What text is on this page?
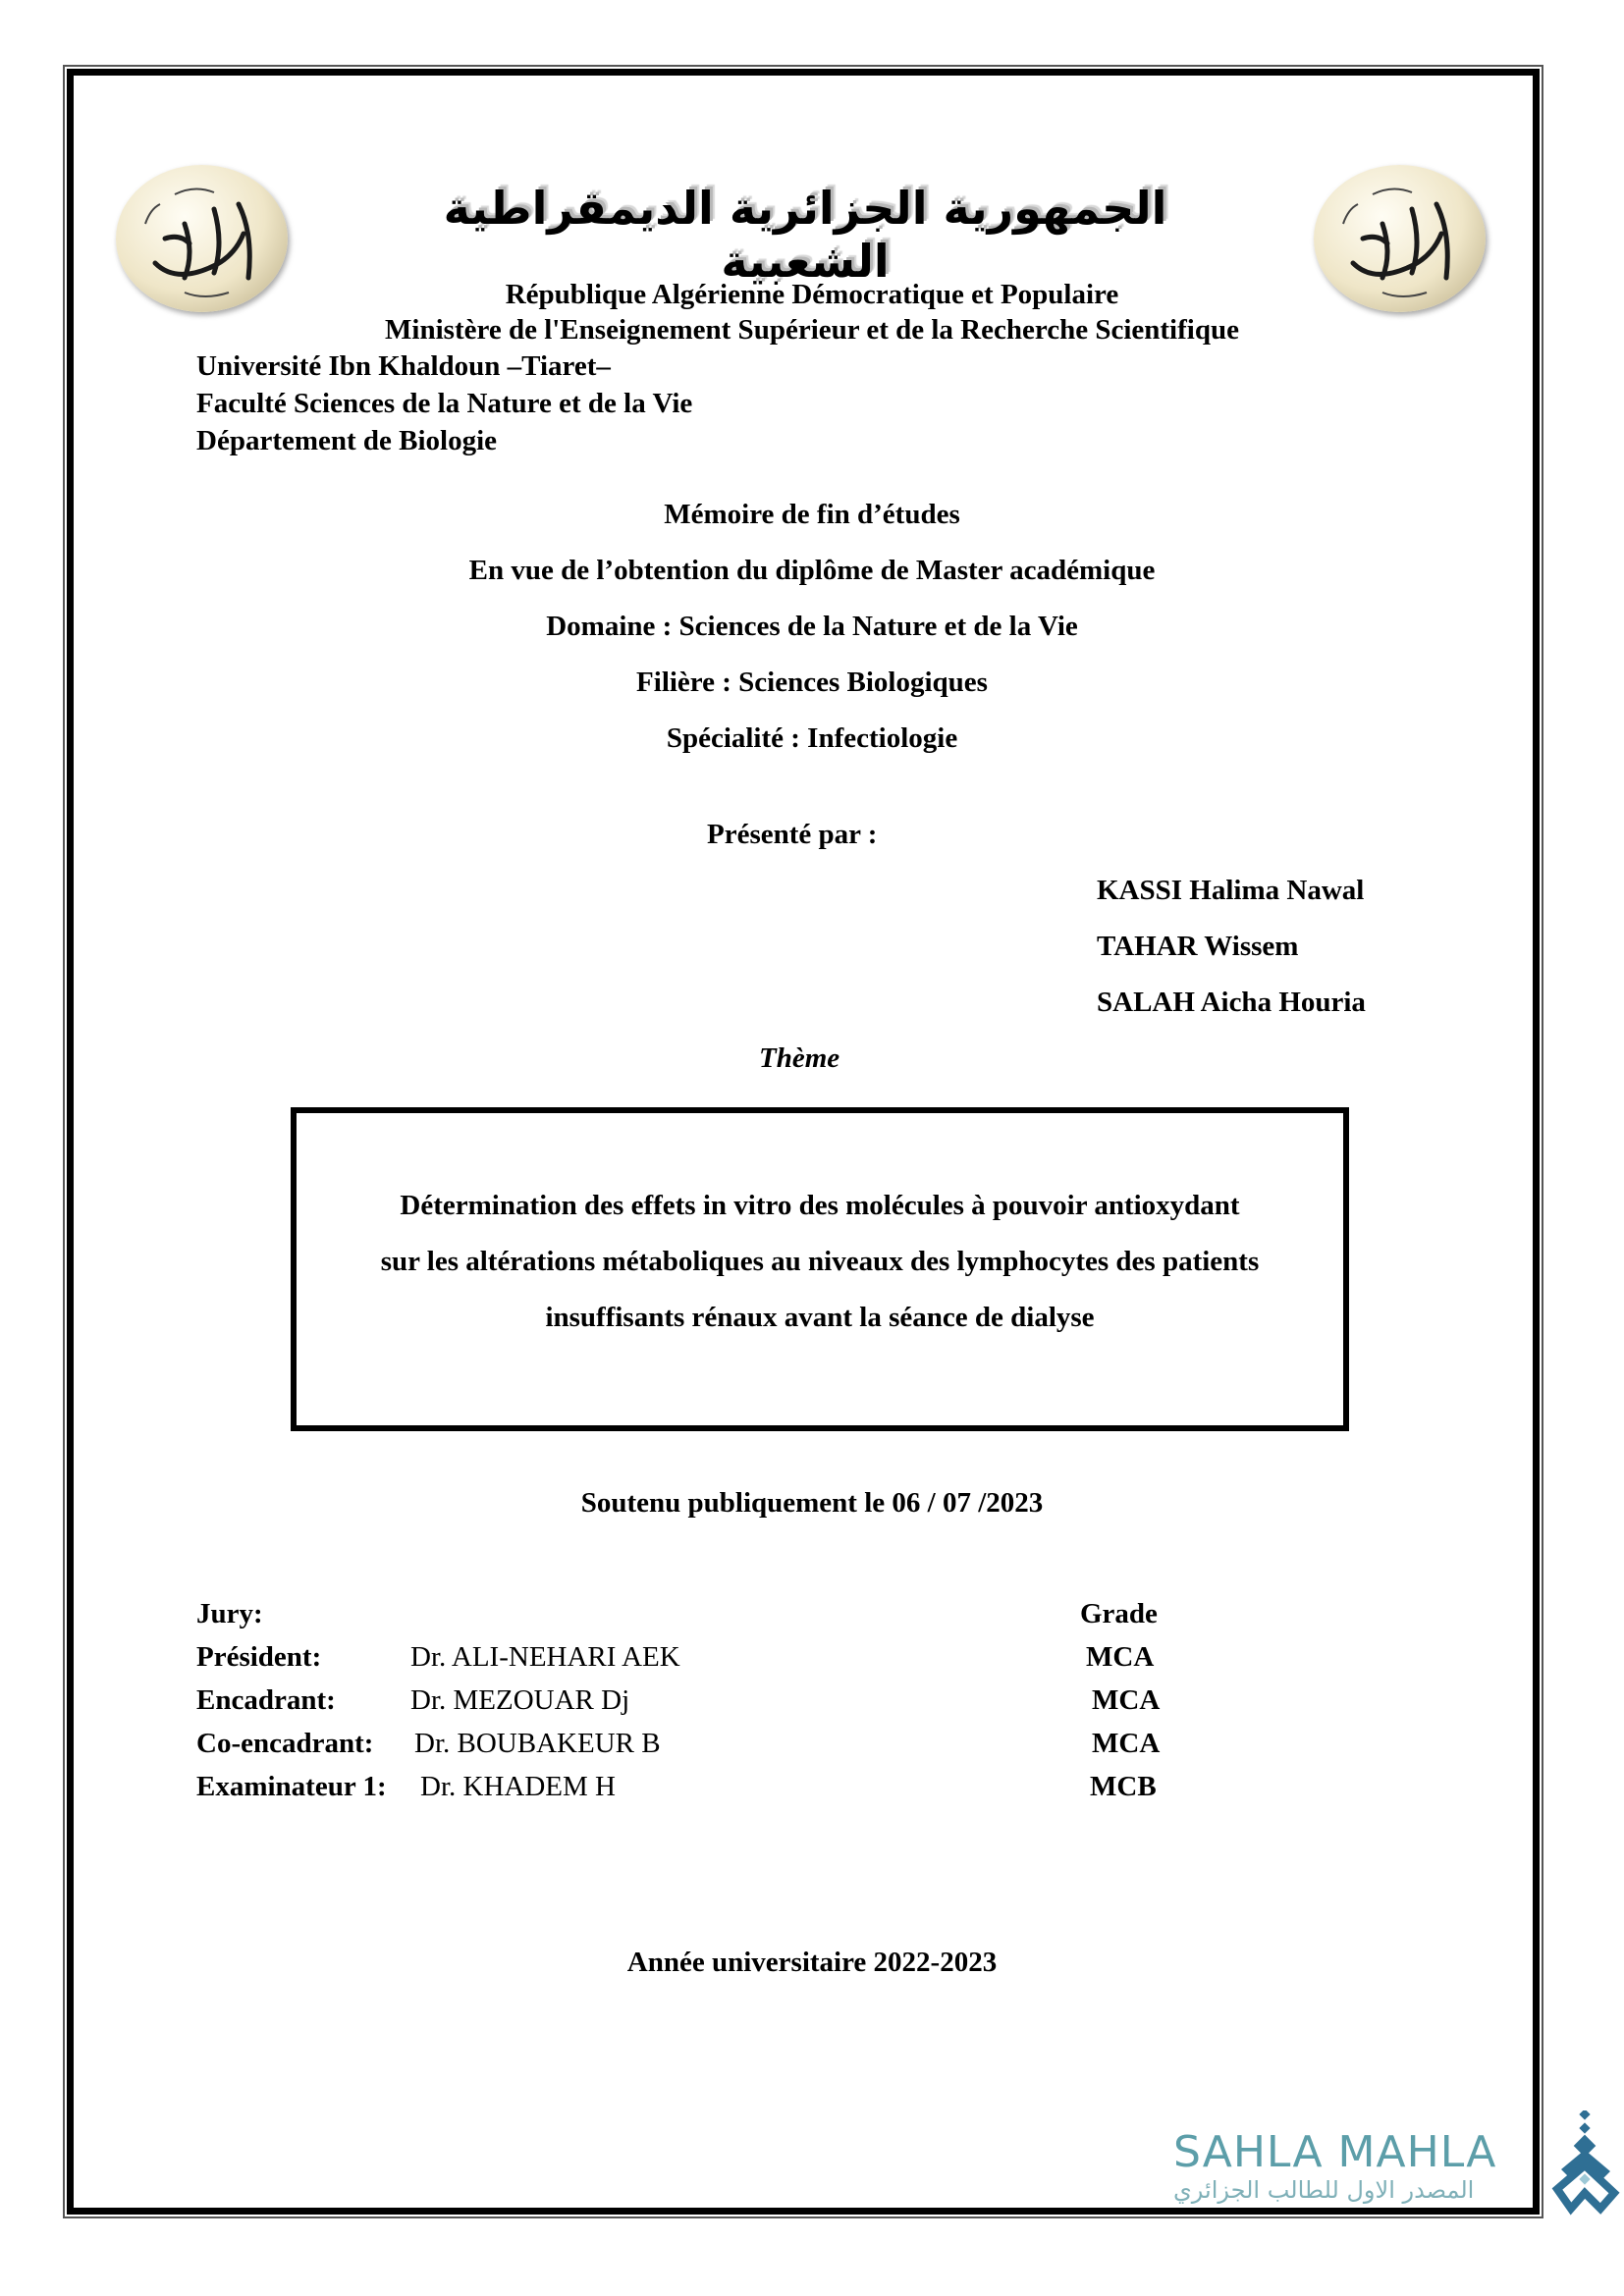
الجمهورية الجزائرية الديمقراطية الشعبية
République Algérienne Démocratique et Populaire
Ministère de l'Enseignement Supérieur et de la Recherche Scientifique
Université Ibn Khaldoun –Tiaret–
Faculté Sciences de la Nature et de la Vie
Département de Biologie
Mémoire de fin d’études
En vue de l’obtention du diplôme de Master académique
Domaine : Sciences de la Nature et de la Vie
Filière : Sciences Biologiques
Spécialité : Infectiologie
Présenté par :
KASSI Halima Nawal
TAHAR Wissem
SALAH Aicha Houria
Thème
Détermination des effets in vitro des molécules à pouvoir antioxydant
sur les altérations métaboliques au niveaux des lymphocytes des patients
insuffisants rénaux avant la séance de dialyse
Soutenu publiquement le 06 / 07 /2023
Jury:	Grade
Président:	Dr. ALI-NEHARI AEK	MCA
Encadrant:	Dr. MEZOUAR Dj	MCA
Co-encadrant: Dr. BOUBAKEUR B	MCA
Examinateur 1: Dr. KHADEM H	MCB
Année universitaire 2022-2023
SAHLA MAHLA
المصدر الاول للطالب الجزائري
